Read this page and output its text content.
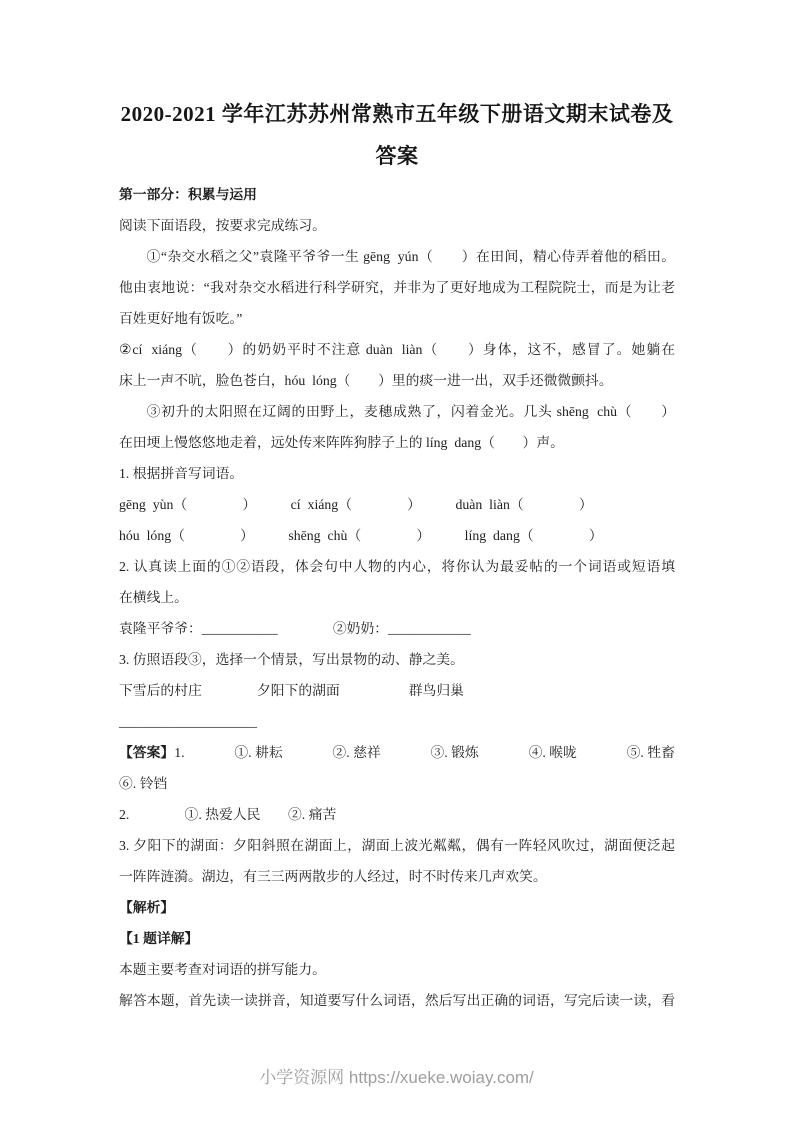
2020-2021 学年江苏苏州常熟市五年级下册语文期末试卷及
答案
第一部分：积累与运用
阅读下面语段，按要求完成练习。
①“杂交水稻之父”袁隆平爷爷一生 gēng  yún（　　）在田间，精心侍弄着他的稻田。
他由衷地说：“我对杂交水稻进行科学研究，并非为了更好地成为工程院院士，而是为让老
百姓更好地有饭吃。”
②cí  xiáng（　　）的奶奶平时不注意 duàn  liàn（　　）身体，这不，感冒了。她躺在
床上一声不吭，脸色苍白，hóu  lóng（　　）里的痰一进一出，双手还微微颤抖。
③初升的太阳照在辽阔的田野上，麦穗成熟了，闪着金光。几头 shēng  chù（　　）
在田埂上慢悠悠地走着，远处传来阵阵狗脖子上的 líng  dang（　　）声。
1. 根据拼音写词语。
gēng  yùn（　　　　）　　　cí  xiáng（　　　　）　　　duàn  liàn（　　　　）
hóu  lóng（　　　　）　　　shēng  chù（　　　　）　　　líng  dang（　　　　）
2. 认真读上面的①②语段，体会句中人物的内心，将你认为最妥帖的一个词语或短语填
在横线上。
袁隆平爷爷：___________　　　　②奶奶：____________
3. 仿照语段③，选择一个情景，写出景物的动、静之美。
下雪后的村庄　　　　夕阳下的湖面　　　　　群鸟归巢
____________________
【答案】1.	①. 耕耘	②. 慈祥	③. 锻炼	④. 喉咙	⑤. 牲畜
⑥. 铃铛
2.　　　　①. 热爱人民　　②. 痛苦
3. 夕阳下的湖面：夕阳斜照在湖面上，湖面上波光粼粼，偶有一阵轻风吹过，湖面便泛起
一阵阵涟漪。湖边，有三三两两散步的人经过，时不时传来几声欢笑。
【解析】
【1 题详解】
本题主要考查对词语的拼写能力。
解答本题，首先读一读拼音，知道要写什么词语，然后写出正确的词语，写完后读一读，看
小学资源网 https://xueke.woiay.com/
